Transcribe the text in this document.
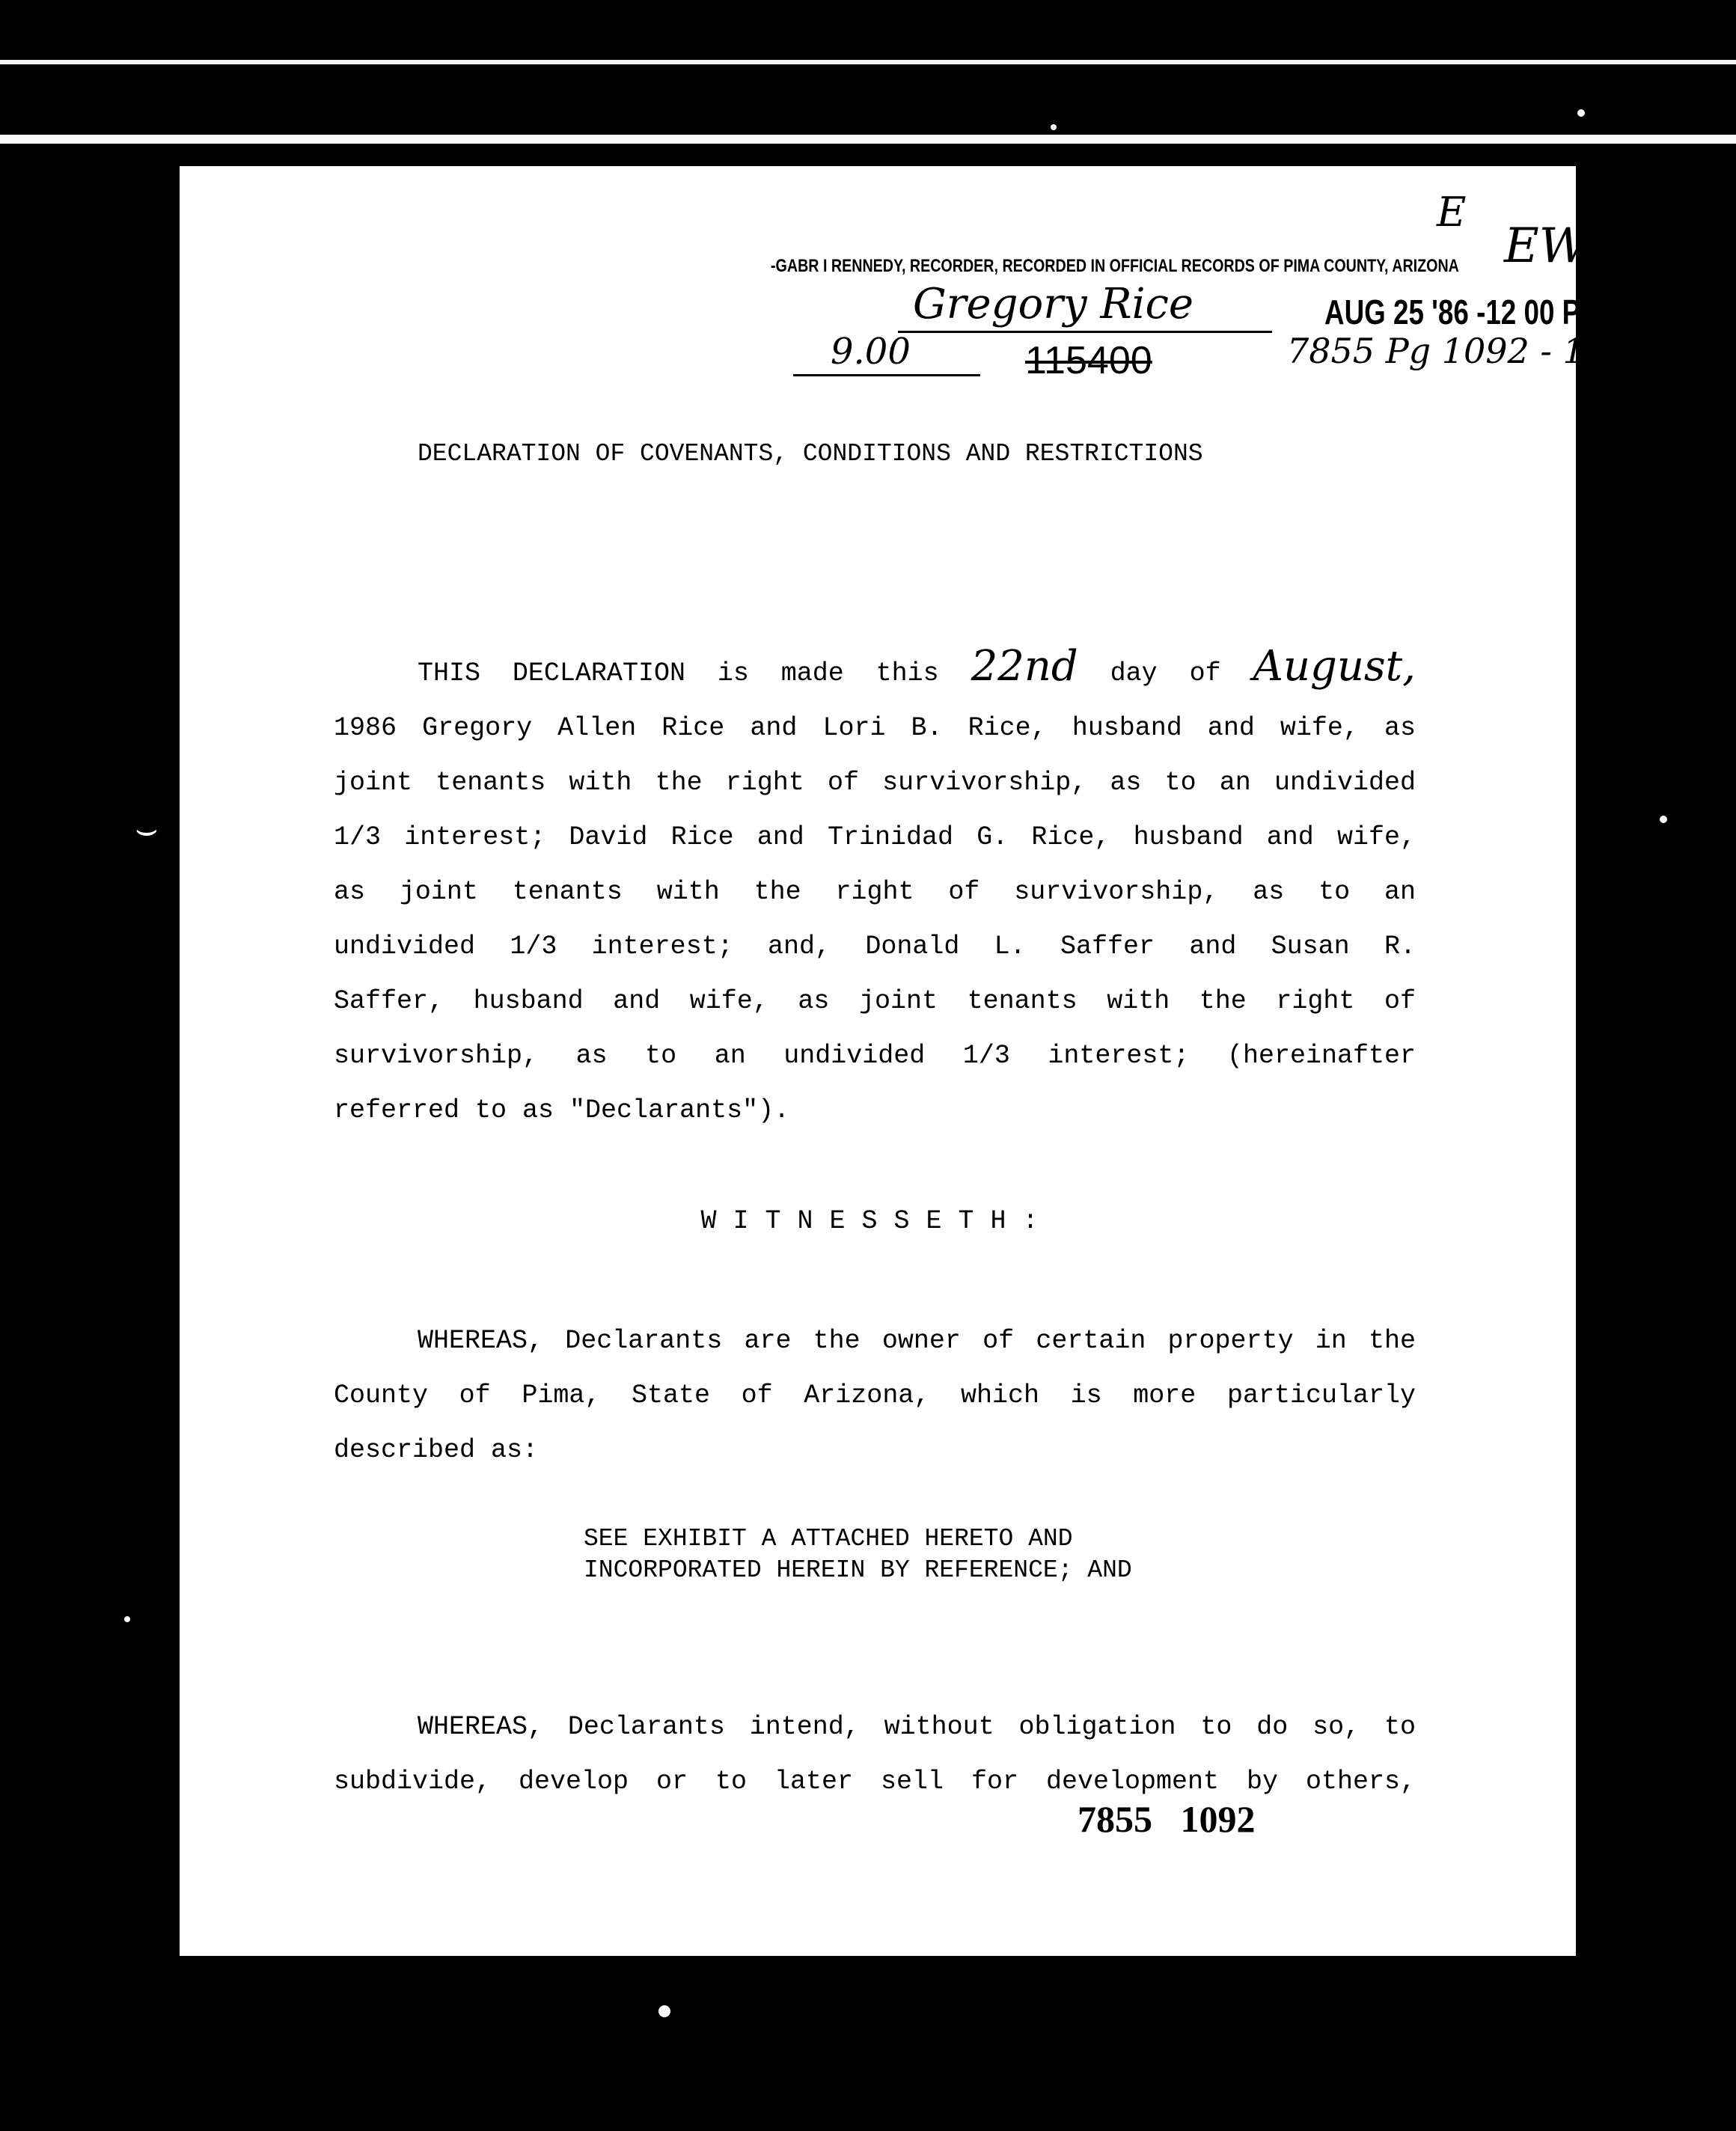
⌣
-GABR I RENNEDY, RECORDER, RECORDED IN OFFICIAL RECORDS OF PIMA COUNTY, ARIZONA
Gregory Rice	AUG 25 '86 -12 00 PM
9.00	115400	7855 Pg 1092 - 1100
EW
E
DECLARATION OF COVENANTS, CONDITIONS AND RESTRICTIONS
THIS DECLARATION is made this 22nd day of August,
1986 Gregory Allen Rice and Lori B. Rice, husband and wife, as
joint tenants with the right of survivorship, as to an undivided
1/3 interest; David Rice and Trinidad G. Rice, husband and wife,
as joint tenants with the right of survivorship, as to an
undivided 1/3 interest; and, Donald L. Saffer and Susan R.
Saffer, husband and wife, as joint tenants with the right of
survivorship, as to an undivided 1/3 interest; (hereinafter
referred to as "Declarants").
WITNESSETH:
WHEREAS, Declarants are the owner of certain property in the
County of Pima, State of Arizona, which is more particularly
described as:
SEE EXHIBIT A ATTACHED HERETO AND
INCORPORATED HEREIN BY REFERENCE; AND
WHEREAS, Declarants intend, without obligation to do so, to
subdivide, develop or to later sell for development by others,
7855 1092
